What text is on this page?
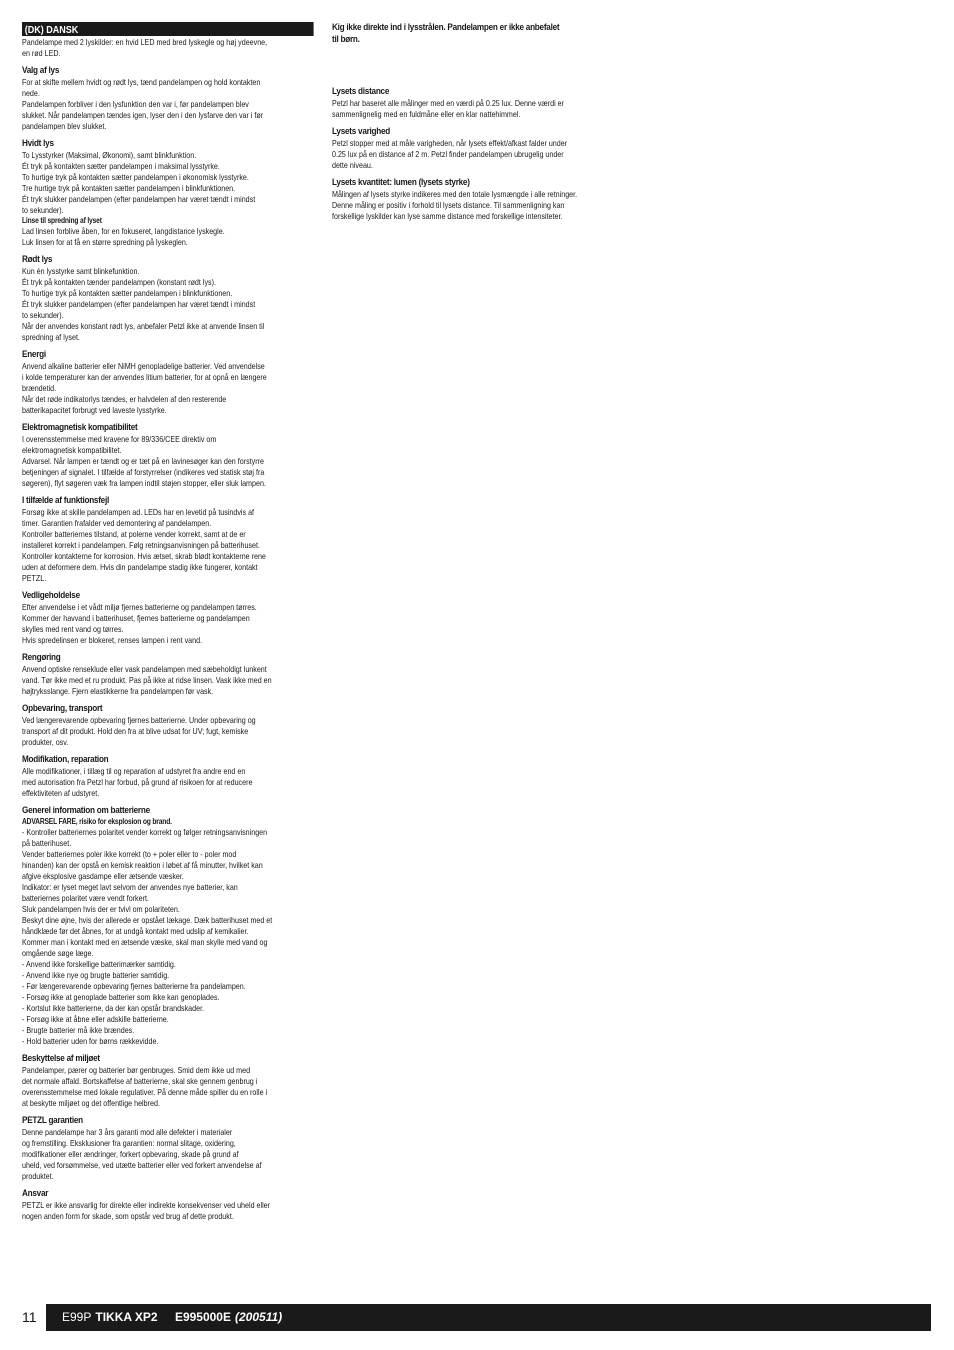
(DK) DANSK

Pandelampe med 2 lyskilder: en hvid LED med bred lyskegle og høj ydeevne,
en rød LED.

Valg af lys

For at skifte mellem hvidt og rødt lys, tænd pandelampen og hold kontakten
nede.
Pandelampen forbliver i den lysfunktion den var i, før pandelampen blev
slukket. Når pandelampen tændes igen, lyser den i den lysfarve den var i før
pandelampen blev slukket.

Hvidt lys

To Lysstyrker (Maksimal, Økonomi), samt blinkfunktion.
Ét tryk på kontakten sætter pandelampen i maksimal lysstyrke.
To hurtige tryk på kontakten sætter pandelampen i økonomisk lysstyrke.
Tre hurtige tryk på kontakten sætter pandelampen i blinkfunktionen.
Ét tryk slukker pandelampen (efter pandelampen har været tændt i mindst
to sekunder).

Linse til spredning af lyset

Lad linsen forblive åben, for en fokuseret, langdistance lyskegle.
Luk linsen for at få en større spredning på lyskeglen.

Rødt lys

Kun én lysstyrke samt blinkefunktion.
Ét tryk på kontakten tænder pandelampen (konstant rødt lys).
To hurtige tryk på kontakten sætter pandelampen i blinkfunktionen.
Ét tryk slukker pandelampen (efter pandelampen har været tændt i mindst
to sekunder).
Når der anvendes konstant rødt lys, anbefaler Petzl ikke at anvende linsen til
spredning af lyset.

Energi

Anvend alkaline batterier eller NiMH genopladelige batterier. Ved anvendelse
i kolde temperaturer kan der anvendes litium batterier, for at opnå en længere
brændetid.
Når det røde indikatorlys tændes, er halvdelen af den resterende
batterikapacitet forbrugt ved laveste lysstyrke.

Elektromagnetisk kompatibilitet

I overensstemmelse med kravene for 89/336/CEE direktiv om
elektromagnetisk kompatibilitet.
Advarsel. Når lampen er tændt og er tæt på en lavinesøger kan den forstyrre
betjeningen af signalet. I tilfælde af forstyrrelser (indikeres ved statisk støj fra
søgeren), flyt søgeren væk fra lampen indtil støjen stopper, eller sluk lampen.

I tilfælde af funktionsfejl

Forsøg ikke at skille pandelampen ad. LEDs har en levetid på tusindvis af
timer. Garantien frafalder ved demontering af pandelampen.
Kontroller batteriernes tilstand, at polerne vender korrekt, samt at de er
installeret korrekt i pandelampen. Følg retningsanvisningen på batterihuset.
Kontroller kontakterne for korrosion. Hvis ætset, skrab blødt kontakterne rene
uden at deformere dem. Hvis din pandelampe stadig ikke fungerer, kontakt
PETZL.

Vedligeholdelse

Efter anvendelse i et vådt miljø fjernes batterierne og pandelampen tørres.
Kommer der havvand i batterihuset, fjernes batterierne og pandelampen
skylles med rent vand og tørres.
Hvis spredelinsen er blokeret, renses lampen i rent vand.

Rengøring

Anvend optiske renseklude eller vask pandelampen med sæbeholdigt lunkent
vand. Tør ikke med et ru produkt. Pas på ikke at ridse linsen. Vask ikke med en
højtryksslange. Fjern elastikkerne fra pandelampen før vask.

Opbevaring, transport

Ved længerevarende opbevaring fjernes batterierne. Under opbevaring og
transport af dit produkt. Hold den fra at blive udsat for UV; fugt, kemiske
produkter, osv.

Modifikation, reparation

Alle modifikationer, i tillæg til og reparation af udstyret fra andre end en
med autorisation fra Petzl har forbud, på grund af risikoen for at reducere
effektiviteten af udstyret.

Generel information om batterierne

ADVARSEL FARE, risiko for eksplosion og brand.

- Kontroller batteriernes polaritet vender korrekt og følger retningsanvisningen
på batterihuset.
Vender batteriernes poler ikke korrekt (to + poler eller to - poler mod
hinanden) kan der opstå en kemisk reaktion i løbet af få minutter, hvilket kan
afgive eksplosive gasdampe eller ætsende væsker.
Indikator: er lyset meget lavt selvom der anvendes nye batterier, kan
batteriernes polaritet være vendt forkert.
Sluk pandelampen hvis der er tvivl om polariteten.
Beskyt dine øjne, hvis der allerede er opstået lækage. Dæk batterihuset med et
håndklæde før det åbnes, for at undgå kontakt med udslip af kemikalier.
Kommer man i kontakt med en ætsende væske, skal man skylle med vand og
omgående søge læge.
- Anvend ikke forskellige batterimærker samtidig.
- Anvend ikke nye og brugte batterier samtidig.
- Før længerevarende opbevaring fjernes batterierne fra pandelampen.
- Forsøg ikke at genoplade batterier som ikke kan genoplades.
- Kortslut ikke batterierne, da der kan opstår brandskader.
- Forsøg ikke at åbne eller adskille batterierne.
- Brugte batterier må ikke brændes.
- Hold batterier uden for børns rækkevidde.

Beskyttelse af miljøet

Pandelamper, pærer og batterier bør genbruges. Smid dem ikke ud med
det normale affald. Bortskaffelse af batterierne, skal ske gennem genbrug i
overensstemmelse med lokale regulativer. På denne måde spiller du en rolle i
at beskytte miljøet og det offentlige helbred.

PETZL garantien

Denne pandelampe har 3 års garanti mod alle defekter i materialer
og fremstilling. Eksklusioner fra garantien: normal slitage, oxidering,
modifikationer eller ændringer, forkert opbevaring, skade på grund af
uheld, ved forsømmelse, ved utætte batterier eller ved forkert anvendelse af
produktet.

Ansvar

PETZL er ikke ansvarlig for direkte eller indirekte konsekvenser ved uheld eller
nogen anden form for skade, som opstår ved brug af dette produkt.

Kig ikke direkte ind i lysstrålen. Pandelampen er ikke anbefalet
til børn.

Lysets distance

Petzl har baseret alle målinger med en værdi på 0.25 lux. Denne værdi er
sammenlignelig med en fuldmåne eller en klar nattehimmel.

Lysets varighed

Petzl stopper med at måle varigheden, når lysets effekt/afkast falder under
0.25 lux på en distance af 2 m. Petzl finder pandelampen ubrugelig under
dette niveau.

Lysets kvantitet: lumen (lysets styrke)

Målingen af lysets styrke indikeres med den totale lysmængde i alle retninger.
Denne måling er positiv i forhold til lysets distance. Til sammenligning kan
forskellige lyskilder kan lyse samme distance med forskellige intensiteter.

11 E99P TIKKA XP2 E995000E (200511)
